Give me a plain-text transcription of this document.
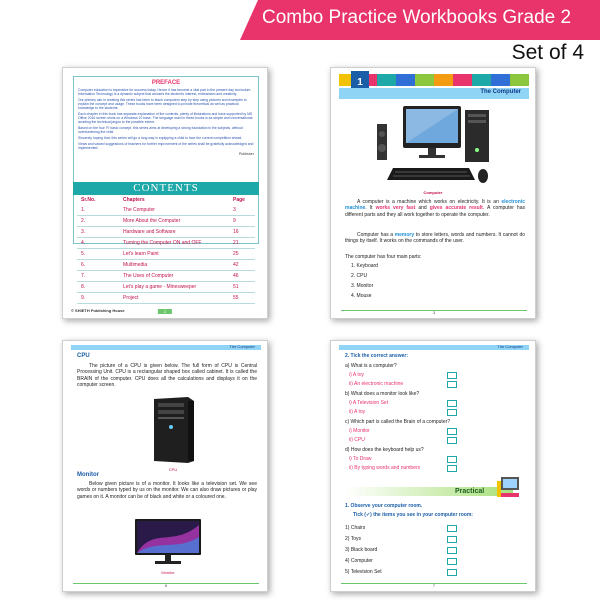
Combo Practice Workbooks Grade 2
Set of 4
PREFACE
Computer education is imperative for success today. Hence it has become a vital part in the present day curriculum. Information Technology is a dynamic subject that arouses the student's interest, enthusiasm and creativity.
Our primary aim in creating this series has been to teach computers step by step using pictures and examples to explain the concept and usage. These books have been designed to provide theoretical as well as practical knowledge to the students.
Each chapter in this book has separate explanation of the contents, plenty of illustrations and have supported by MS Office 2016 screen shots on a Windows 10 base. The language used in these books is as simple and conversational avoiding the technical jargon to the possible extent.
Based on the four 'R' basic concept, this series aims at developing a strong foundation in the subjects, without overburdening the child.
Sincerely hoping that, this series will go a long way in equipping a child to face the current competition ahead.
Views and valued suggestions of teachers for further improvement of the series shall be gratefully acknowledged and implemented.
Publisher
CONTENTS
Sr.No.	Chapters	Page
1.	The Computer	3
2.	More About the Computer	9
3.	Hardware and Software	16
4.	Turning the Computer ON and OFF	21
5.	Let's learn Paint	25
6.	Multimedia	42
7.	The Uses of Computer	46
8.	Let's play a game - Minesweeper	51
9.	Project	55
© SHIETH Publishing House	2
1
The Computer
Computer
A computer is a machine which works on electricity. It is an electronic machine. It works very fast and gives accurate result. A computer has different parts and they all work together to operate the computer.
Computer has a memory to store letters, words and numbers. It cannot do things by itself. It works on the commands of the user.
The computer has four main parts:
1. Keyboard
2. CPU
3. Monitor
4. Mouse
3
The Computer
CPU
The picture of a CPU is given below. The full form of CPU is Central Processing Unit. CPU is a rectangular shaped box called cabinet. It is called the BRAIN of the computer. CPU does all the calculations and displays it on the computer screen.
CPU
Monitor
Below given picture is of a monitor. It looks like a television set. We see words or numbers typed by us on the monitor. We can also draw pictures or play games on it. A monitor can be of black and white or a coloured one.
Monitor
6
The Computer
2. Tick the correct answer:
a) What is a computer?
i) A toy
ii) An electronic machine
b) What does a monitor look like?
i) A Television Set
ii) A toy
c) Which part is called the Brain of a computer?
i) Monitor
ii) CPU
d) How does the keyboard help us?
i) To Draw
ii) By typing words and numbers
Practical
1. Observe your computer room.
Tick (✓) the items you see in your computer room:
1) Chairs
2) Toys
3) Black board
4) Computer
5) Television Set
7
